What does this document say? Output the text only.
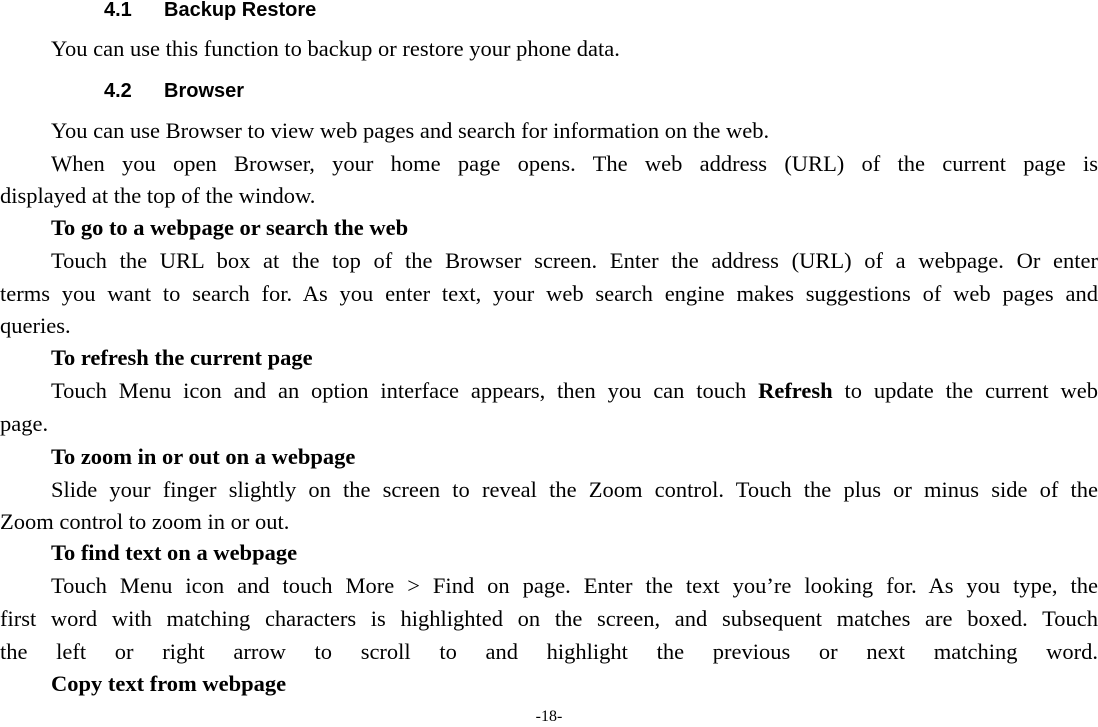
4.1 Backup Restore
You can use this function to backup or restore your phone data.
4.2 Browser
You can use Browser to view web pages and search for information on the web.
When you open Browser, your home page opens. The web address (URL) of the current page is
displayed at the top of the window.
To go to a webpage or search the web
Touch the URL box at the top of the Browser screen. Enter the address (URL) of a webpage. Or enter
terms you want to search for. As you enter text, your web search engine makes suggestions of web pages and
queries.
To refresh the current page
Touch Menu icon and an option interface appears, then you can touch Refresh to update the current web
page.
To zoom in or out on a webpage
Slide your finger slightly on the screen to reveal the Zoom control. Touch the plus or minus side of the
Zoom control to zoom in or out.
To find text on a webpage
Touch Menu icon and touch More > Find on page. Enter the text you’re looking for. As you type, the
first word with matching characters is highlighted on the screen, and subsequent matches are boxed. Touch
the left or right arrow to scroll to and highlight the previous or next matching word.
Copy text from webpage
-18-
